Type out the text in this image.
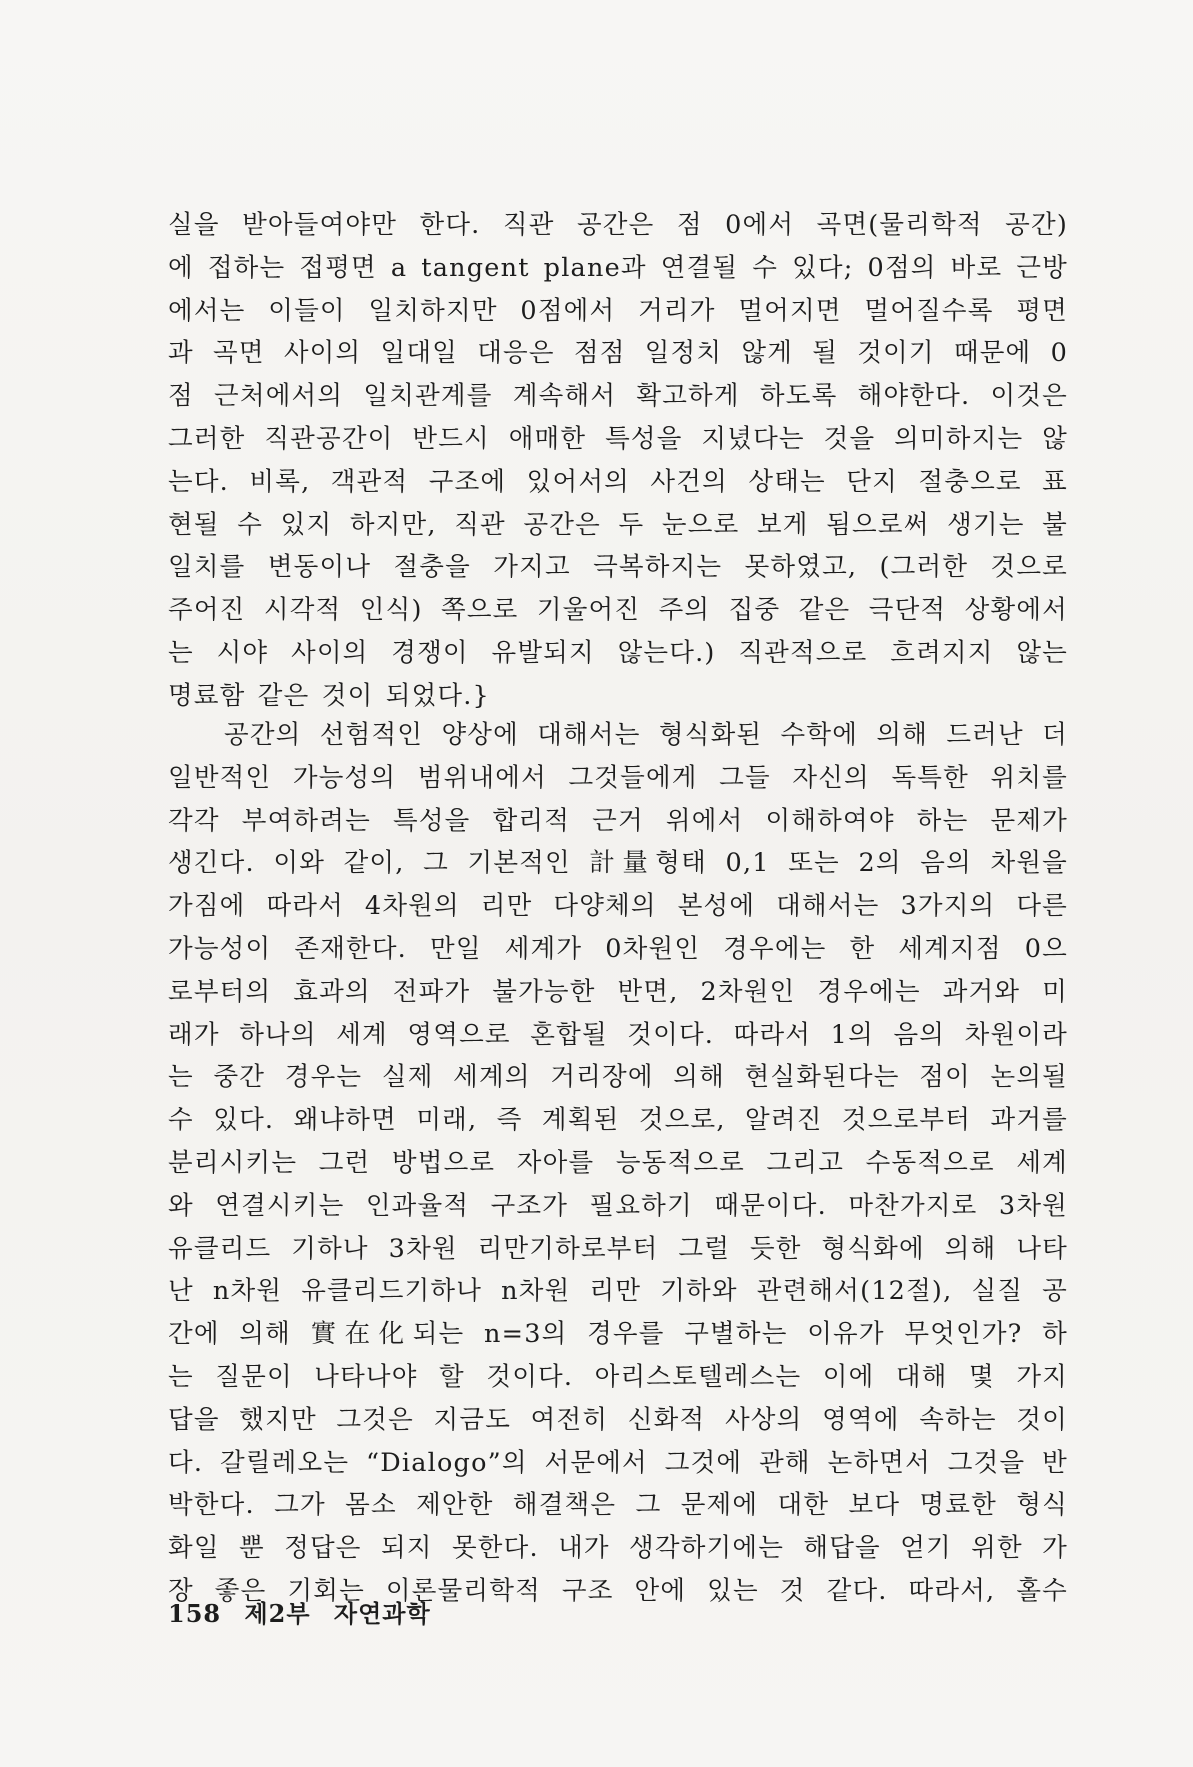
실을 받아들여야만 한다. 직관 공간은 점 0에서 곡면(물리학적 공간)
에 접하는 접평면 a tangent plane과 연결될 수 있다; 0점의 바로 근방
에서는 이들이 일치하지만 0점에서 거리가 멀어지면 멀어질수록 평면
과 곡면 사이의 일대일 대응은 점점 일정치 않게 될 것이기 때문에 0
점 근처에서의 일치관계를 계속해서 확고하게 하도록 해야한다. 이것은
그러한 직관공간이 반드시 애매한 특성을 지녔다는 것을 의미하지는 않
는다. 비록, 객관적 구조에 있어서의 사건의 상태는 단지 절충으로 표
현될 수 있지 하지만, 직관 공간은 두 눈으로 보게 됨으로써 생기는 불
일치를 변동이나 절충을 가지고 극복하지는 못하였고, (그러한 것으로
주어진 시각적 인식) 쪽으로 기울어진 주의 집중 같은 극단적 상황에서
는 시야 사이의 경쟁이 유발되지 않는다.) 직관적으로 흐려지지 않는
명료함 같은 것이 되었다.}
공간의 선험적인 양상에 대해서는 형식화된 수학에 의해 드러난 더
일반적인 가능성의 범위내에서 그것들에게 그들 자신의 독특한 위치를
각각 부여하려는 특성을 합리적 근거 위에서 이해하여야 하는 문제가
생긴다. 이와 같이, 그 기본적인 計量형태 0,1 또는 2의 음의 차원을
가짐에 따라서 4차원의 리만 다양체의 본성에 대해서는 3가지의 다른
가능성이 존재한다. 만일 세계가 0차원인 경우에는 한 세계지점 0으
로부터의 효과의 전파가 불가능한 반면, 2차원인 경우에는 과거와 미
래가 하나의 세계 영역으로 혼합될 것이다. 따라서 1의 음의 차원이라
는 중간 경우는 실제 세계의 거리장에 의해 현실화된다는 점이 논의될
수 있다. 왜냐하면 미래, 즉 계획된 것으로, 알려진 것으로부터 과거를
분리시키는 그런 방법으로 자아를 능동적으로 그리고 수동적으로 세계
와 연결시키는 인과율적 구조가 필요하기 때문이다. 마찬가지로 3차원
유클리드 기하나 3차원 리만기하로부터 그럴 듯한 형식화에 의해 나타
난 n차원 유클리드기하나 n차원 리만 기하와 관련해서(12절), 실질 공
간에 의해 實在化되는 n=3의 경우를 구별하는 이유가 무엇인가? 하
는 질문이 나타나야 할 것이다. 아리스토텔레스는 이에 대해 몇 가지
답을 했지만 그것은 지금도 여전히 신화적 사상의 영역에 속하는 것이
다. 갈릴레오는 “Dialogo”의 서문에서 그것에 관해 논하면서 그것을 반
박한다. 그가 몸소 제안한 해결책은 그 문제에 대한 보다 명료한 형식
화일 뿐 정답은 되지 못한다. 내가 생각하기에는 해답을 얻기 위한 가
장 좋은 기회는 이론물리학적 구조 안에 있는 것 같다. 따라서, 홀수
158 제2부 자연과학
